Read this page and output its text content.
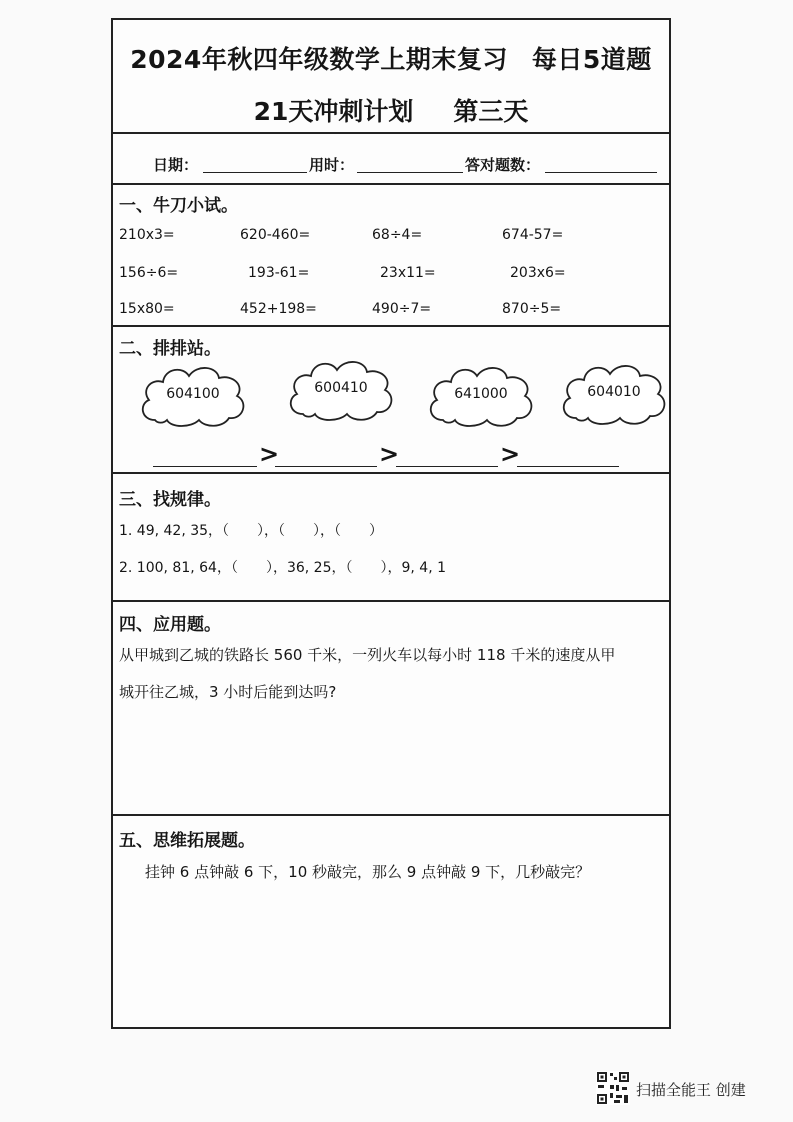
2024年秋四年级数学上期末复习 每日5道题
21天冲刺计划 第三天
日期：	用时：	答对题数：
一、牛刀小试。
210x3=	620-460=	68÷4=	674-57=
156÷6=	193-61=	23x11=	203x6=
15x80=	452+198=	490÷7=	870÷5=
二、排排站。
604100	600410	641000	604010
>	>	>
三、找规律。
1. 49, 42, 35，（　　），（　　），（　　）
2. 100, 81, 64，（　　），36, 25，（　　），9, 4, 1
四、应用题。
从甲城到乙城的铁路长 560 千米，一列火车以每小时 118 千米的速度从甲
城开往乙城，3 小时后能到达吗?
五、思维拓展题。
挂钟 6 点钟敲 6 下，10 秒敲完，那么 9 点钟敲 9 下，几秒敲完？
扫描全能王 创建
